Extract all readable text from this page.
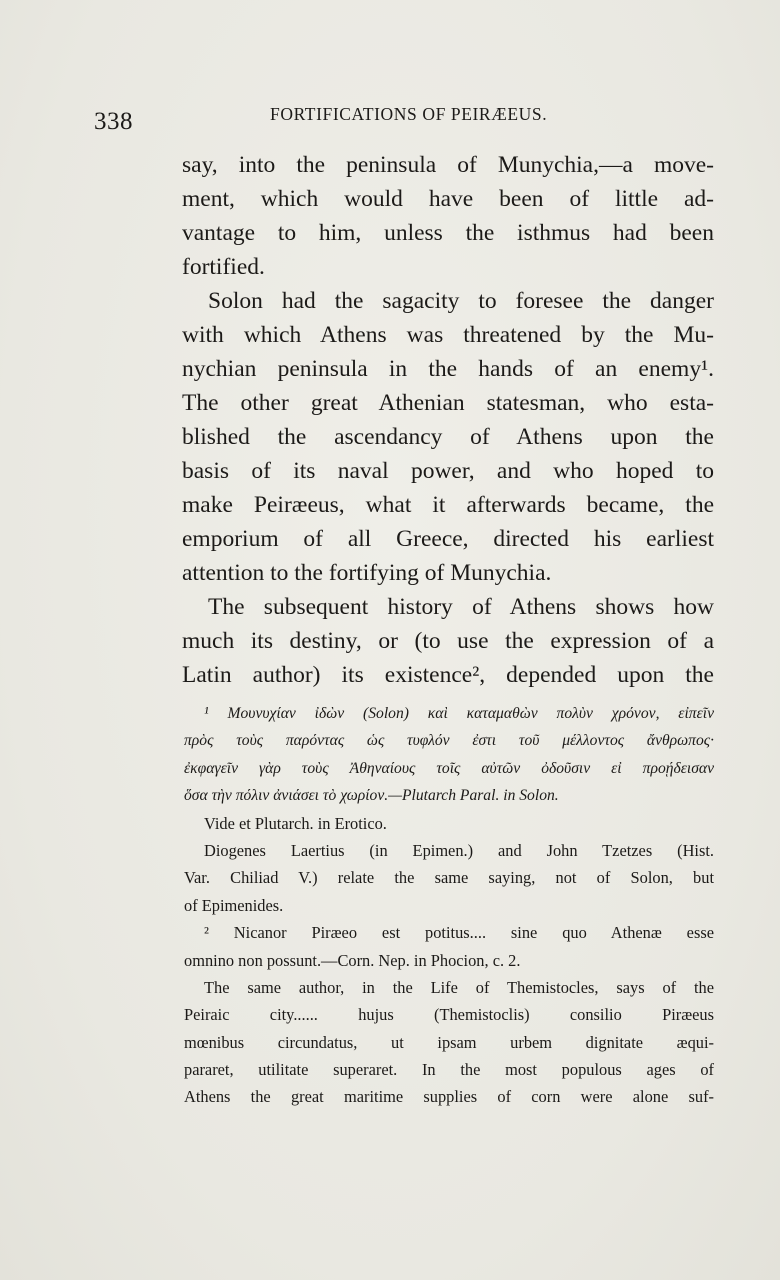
338	FORTIFICATIONS OF PEIRÆEUS.
say, into the peninsula of Munychia,—a move-
ment, which would have been of little ad-
vantage to him, unless the isthmus had been
fortified.
Solon had the sagacity to foresee the danger
with which Athens was threatened by the Mu-
nychian peninsula in the hands of an enemy¹.
The other great Athenian statesman, who esta-
blished the ascendancy of Athens upon the
basis of its naval power, and who hoped to
make Peiræeus, what it afterwards became, the
emporium of all Greece, directed his earliest
attention to the fortifying of Munychia.
The subsequent history of Athens shows how
much its destiny, or (to use the expression of a
Latin author) its existence², depended upon the
¹ Μουνυχίαν ἰδὼν (Solon) καὶ καταμαθὼν πολὺν χρόνον, εἰπεῖν
πρὸς τοὺς παρόντας ὡς τυφλόν ἐστι τοῦ μέλλοντος ἄνθρωπος·
ἐκφαγεῖν γὰρ τοὺς Ἀθηναίους τοῖς αὐτῶν ὀδοῦσιν εἰ προῄδεισαν
ὅσα τὴν πόλιν ἀνιάσει τὸ χωρίον.—Plutarch Paral. in Solon.
Vide et Plutarch. in Erotico.
Diogenes Laertius (in Epimen.) and John Tzetzes (Hist.
Var. Chiliad V.) relate the same saying, not of Solon, but
of Epimenides.
² Nicanor Piræeo est potitus.... sine quo Athenæ esse
omnino non possunt.—Corn. Nep. in Phocion, c. 2.
The same author, in the Life of Themistocles, says of the
Peiraic city...... hujus (Themistoclis) consilio Piræeus
mœnibus circundatus, ut ipsam urbem dignitate æqui-
pararet, utilitate superaret. In the most populous ages of
Athens the great maritime supplies of corn were alone suf-
